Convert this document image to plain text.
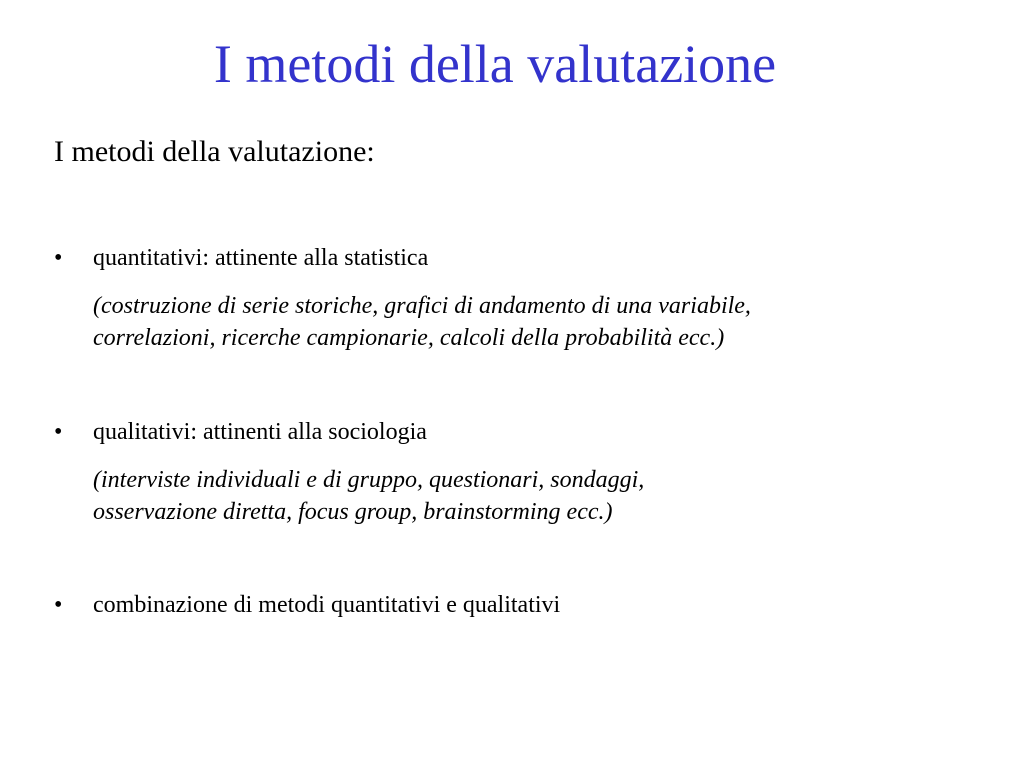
I metodi della valutazione

I metodi della valutazione:

• quantitativi: attinente alla statistica

(costruzione di serie storiche, grafici di andamento di una variabile,
correlazioni, ricerche campionarie, calcoli della probabilità ecc.)

• qualitativi: attinenti alla sociologia

(interviste individuali e di gruppo, questionari, sondaggi,
osservazione diretta, focus group, brainstorming ecc.)

• combinazione di metodi quantitativi e qualitativi
